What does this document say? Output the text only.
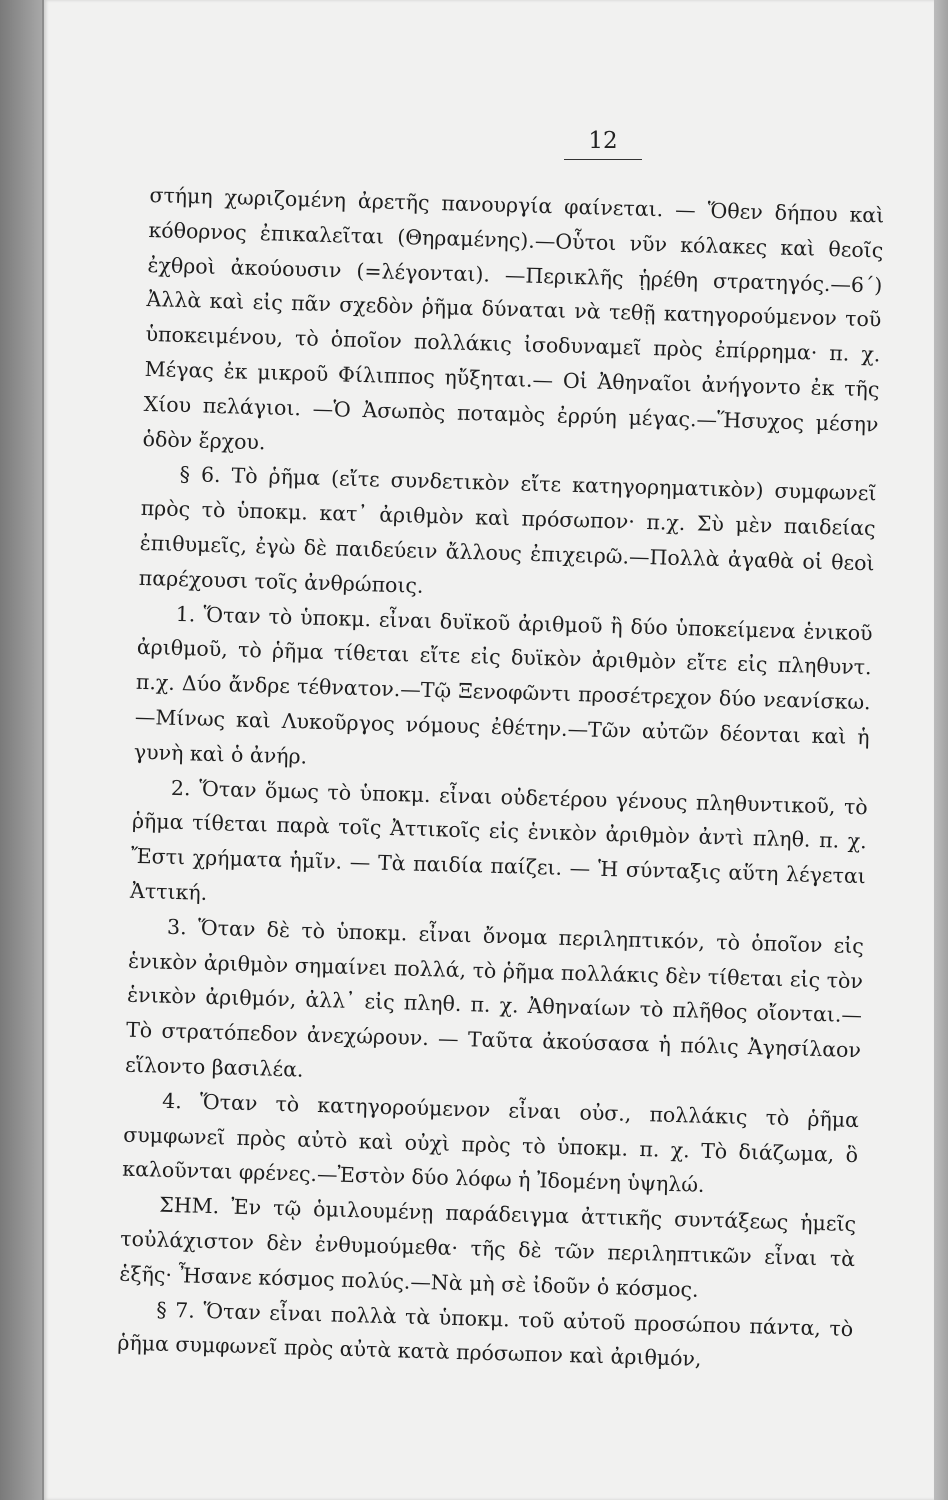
12

στήμη χωριζομένη ἀρετῆς πανουργία φαίνεται. — Ὅθεν δήπου καὶ κόθορνος ἐπικαλεῖται (Θηραμένης).—Οὗτοι νῦν κόλακες καὶ θεοῖς ἐχθροὶ ἀκούουσιν (=λέγονται). —Περικλῆς ᾑρέθη στρατηγός.—6΄) Ἀλλὰ καὶ εἰς πᾶν σχεδὸν ῥῆμα δύναται νὰ τεθῇ κατηγορούμενον τοῦ ὑποκειμένου, τὸ ὁποῖον πολλάκις ἰσοδυναμεῖ πρὸς ἐπίρρημα· π. χ. Μέγας ἐκ μικροῦ Φίλιππος ηὔξηται.— Οἱ Ἀθηναῖοι ἀνήγοντο ἐκ τῆς Χίου πελάγιοι. —Ὁ Ἀσωπὸς ποταμὸς ἐρρύη μέγας.—Ἥσυχος μέσην ὁδὸν ἔρχου.

§ 6. Τὸ ῥῆμα (εἴτε συνδετικὸν εἴτε κατηγορηματικὸν) συμφωνεῖ πρὸς τὸ ὑποκμ. κατ᾽ ἀριθμὸν καὶ πρόσωπον· π.χ. Σὺ μὲν παιδείας ἐπιθυμεῖς, ἐγὼ δὲ παιδεύειν ἄλλους ἐπιχειρῶ.—Πολλὰ ἀγαθὰ οἱ θεοὶ παρέχουσι τοῖς ἀνθρώποις.

1. Ὅταν τὸ ὑποκμ. εἶναι δυϊκοῦ ἀριθμοῦ ἢ δύο ὑποκείμενα ἑνικοῦ ἀριθμοῦ, τὸ ῥῆμα τίθεται εἴτε εἰς δυϊκὸν ἀριθμὸν εἴτε εἰς πληθυντ. π.χ. Δύο ἄνδρε τέθνατον.—Τῷ Ξενοφῶντι προσέτρεχον δύο νεανίσκω.—Μίνως καὶ Λυκοῦργος νόμους ἐθέτην.—Τῶν αὐτῶν δέονται καὶ ἡ γυνὴ καὶ ὁ ἀνήρ.

2. Ὅταν ὅμως τὸ ὑποκμ. εἶναι οὐδετέρου γένους πληθυντικοῦ, τὸ ῥῆμα τίθεται παρὰ τοῖς Ἀττικοῖς εἰς ἑνικὸν ἀριθμὸν ἀντὶ πληθ. π. χ. Ἔστι χρήματα ἡμῖν. — Τὰ παιδία παίζει. — Ἡ σύνταξις αὕτη λέγεται Ἀττική.

3. Ὅταν δὲ τὸ ὑποκμ. εἶναι ὄνομα περιληπτικόν, τὸ ὁποῖον εἰς ἑνικὸν ἀριθμὸν σημαίνει πολλά, τὸ ῥῆμα πολλάκις δὲν τίθεται εἰς τὸν ἑνικὸν ἀριθμόν, ἀλλ᾽ εἰς πληθ. π. χ. Ἀθηναίων τὸ πλῆθος οἴονται.— Τὸ στρατόπεδον ἀνεχώρουν. — Ταῦτα ἀκούσασα ἡ πόλις Ἀγησίλαον εἵλοντο βασιλέα.

4. Ὅταν τὸ κατηγορούμενον εἶναι οὐσ., πολλάκις τὸ ῥῆμα συμφωνεῖ πρὸς αὐτὸ καὶ οὐχὶ πρὸς τὸ ὑποκμ. π. χ. Τὸ διάζωμα, ὃ καλοῦνται φρένες.—Ἐστὸν δύο λόφω ἡ Ἰδομένη ὑψηλώ.

ΣΗΜ. Ἐν τῷ ὁμιλουμένῃ παράδειγμα ἀττικῆς συντάξεως ἡμεῖς τοὐλάχιστον δὲν ἐνθυμούμεθα· τῆς δὲ τῶν περιληπτικῶν εἶναι τὰ ἑξῆς· Ἦσανε κόσμος πολύς.—Νὰ μὴ σὲ ἰδοῦν ὁ κόσμος.

§ 7. Ὅταν εἶναι πολλὰ τὰ ὑποκμ. τοῦ αὐτοῦ προσώπου πάντα, τὸ ῥῆμα συμφωνεῖ πρὸς αὐτὰ κατὰ πρόσωπον καὶ ἀριθμόν,
